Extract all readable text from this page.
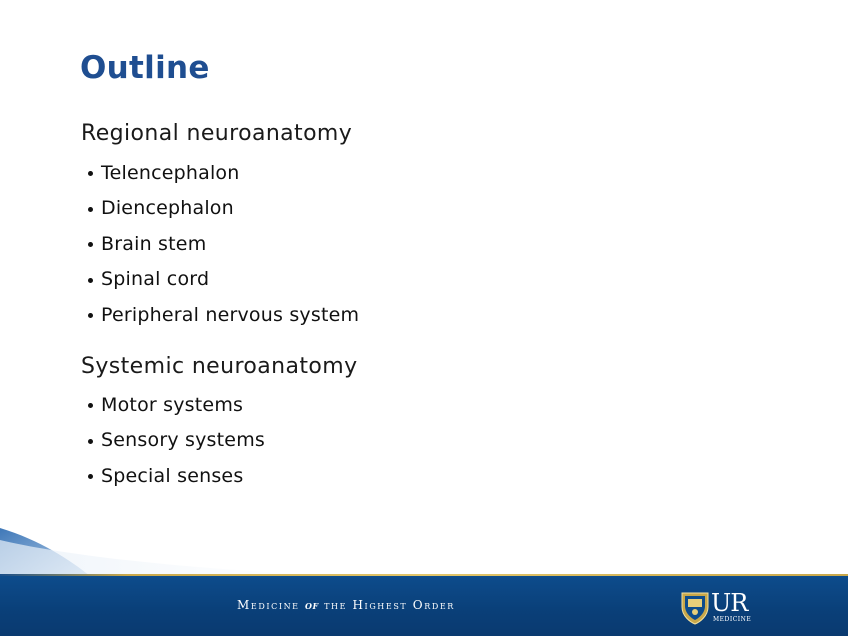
Outline
Regional neuroanatomy
Telencephalon
Diencephalon
Brain stem
Spinal cord
Peripheral nervous system
Systemic neuroanatomy
Motor systems
Sensory systems
Special senses
Medicine of the Highest Order	UR
MEDICINE
